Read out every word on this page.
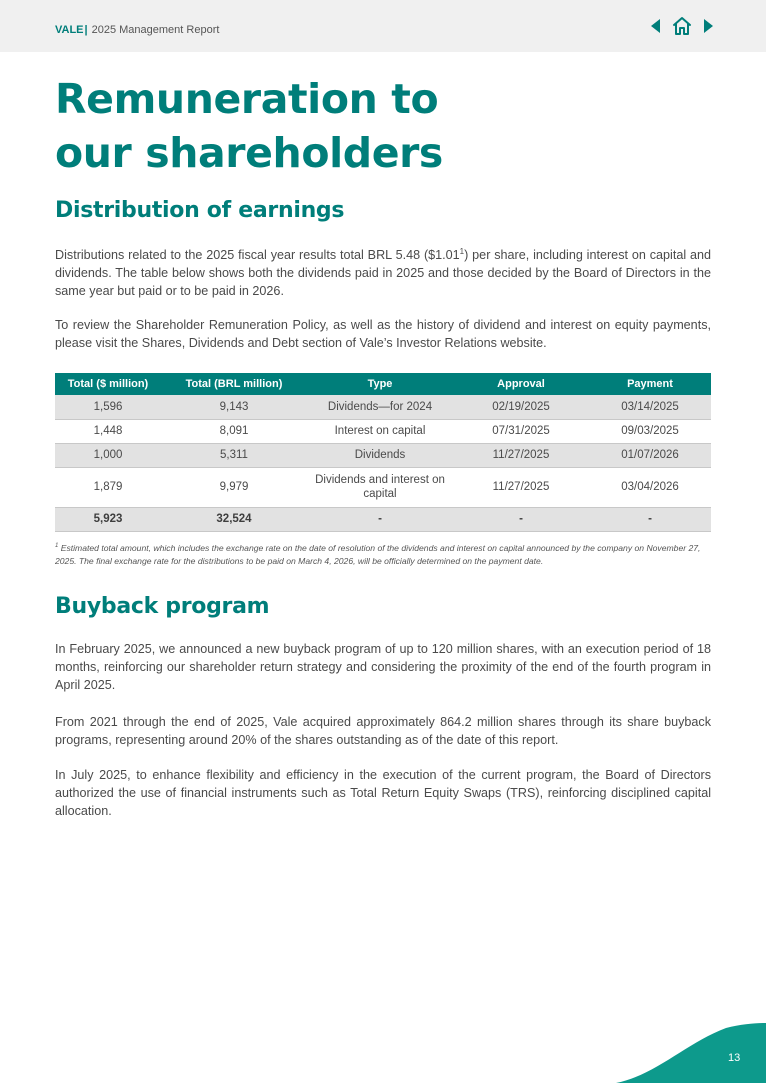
VALE| 2025 Management Report
Remuneration to
our shareholders
Distribution of earnings

Distributions related to the 2025 fiscal year results total BRL 5.48 ($1.01$^1$) per share, including interest on capital and dividends. The table below shows both the dividends paid in 2025 and those decided by the Board of Directors in the same year but paid or to be paid in 2026.

To review the Shareholder Remuneration Policy, as well as the history of dividend and interest on equity payments, please visit the Shares, Dividends and Debt section of Vale’s Investor Relations website.

Total ($ million)	Total (BRL million)	Type	Approval	Payment
1,596	9,143	Dividends—for 2024	02/19/2025	03/14/2025
1,448	8,091	Interest on capital	07/31/2025	09/03/2025
1,000	5,311	Dividends	11/27/2025	01/07/2026
1,879	9,979	Dividends and interest on capital	11/27/2025	03/04/2026
5,923	32,524	-	-	-

$^1$ Estimated total amount, which includes the exchange rate on the date of resolution of the dividends and interest on capital announced by the company on November 27, 2025. The final exchange rate for the distributions to be paid on March 4, 2026, will be officially determined on the payment date.

Buyback program

In February 2025, we announced a new buyback program of up to 120 million shares, with an execution period of 18 months, reinforcing our shareholder return strategy and considering the proximity of the end of the fourth program in April 2025.

From 2021 through the end of 2025, Vale acquired approximately 864.2 million shares through its share buyback programs, representing around 20% of the shares outstanding as of the date of this report.

In July 2025, to enhance flexibility and efficiency in the execution of the current program, the Board of Directors authorized the use of financial instruments such as Total Return Equity Swaps (TRS), reinforcing disciplined capital allocation.

13
